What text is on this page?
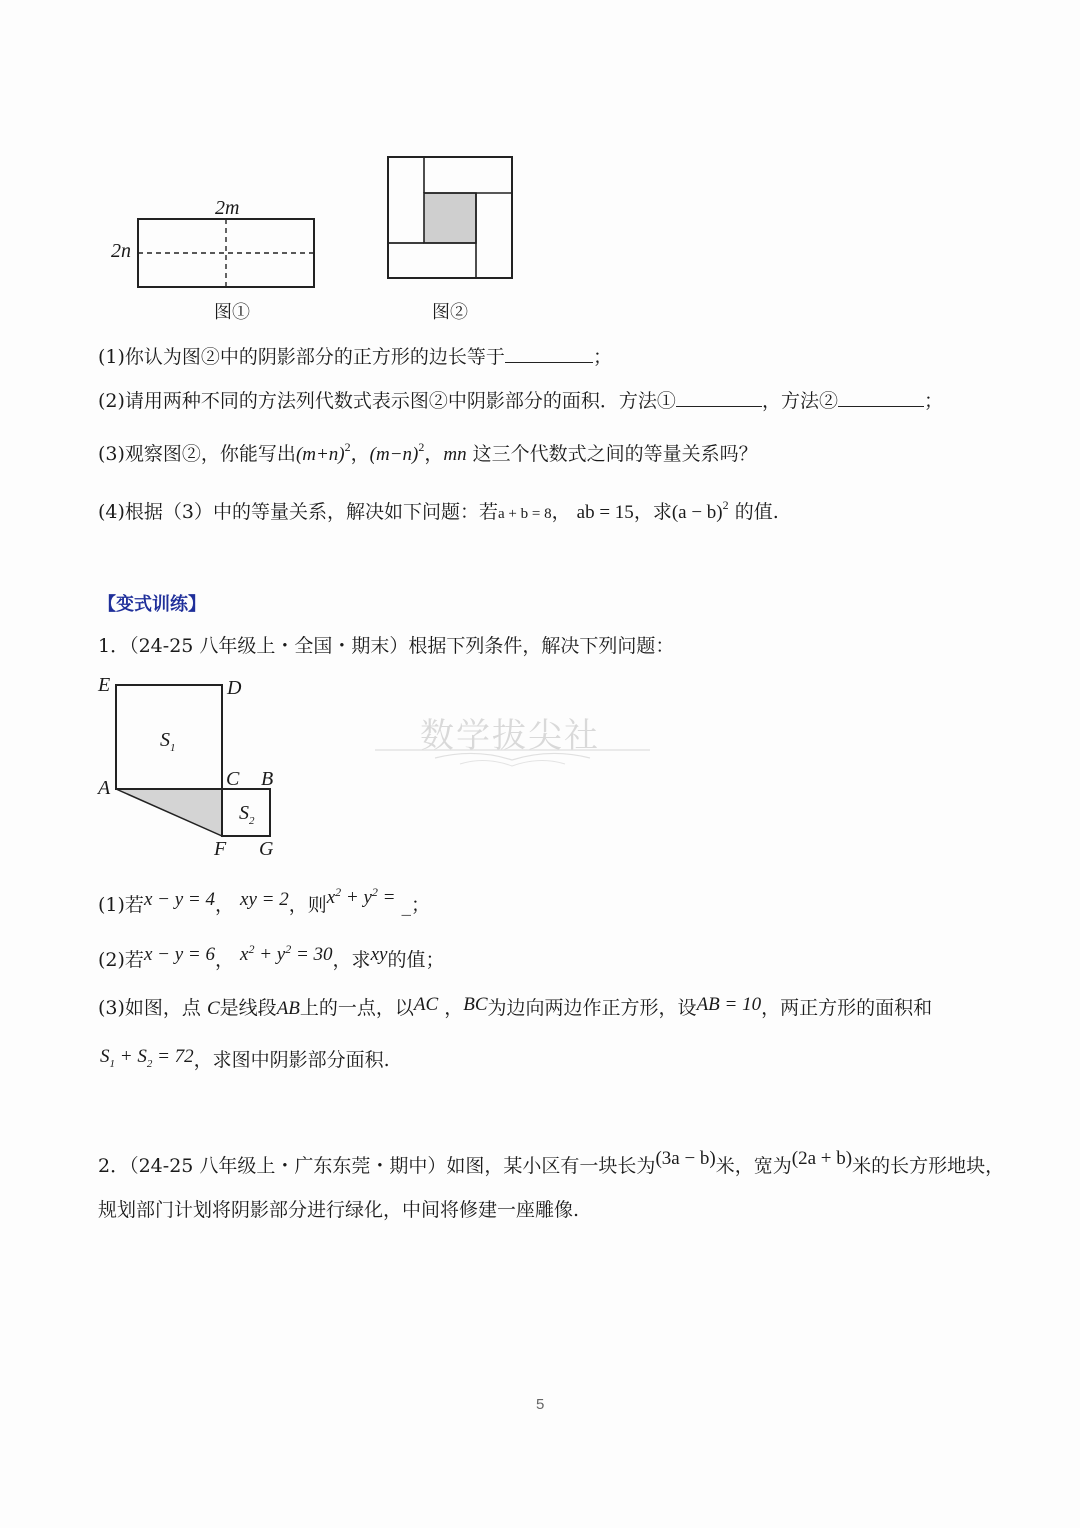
2m
2n
图①	图②
(1)你认为图②中的阴影部分的正方形的边长等于	；
(2)请用两种不同的方法列代数式表示图②中阴影部分的面积．方法①	，方法②	；
(3)观察图②，你能写出$(m+n)^2$，$(m-n)^2$，mn 这三个代数式之间的等量关系吗？
(4)根据（3）中的等量关系，解决如下问题：若a + b = 8， ab = 15，求$(a - b)^2$ 的值.
【变式训练】
1．（24-25 八年级上・全国・期末）根据下列条件，解决下列问题：
E	D
A	C B
F G
$S_1$
$S_2$
数学拔尖社
(1)若x − y = 4， xy = 2，则$x^2 + y^2$ = _；
(2)若x − y = 6， $x^2 + y^2 = 30$，求xy的值；
(3)如图，点 C是线段AB上的一点，以AC ，BC为边向两边作正方形，设AB = 10，两正方形的面积和
$S_1 + S_2 = 72$，求图中阴影部分面积.
2．（24-25 八年级上・广东东莞・期中）如图，某小区有一块长为(3a − b)米，宽为(2a + b)米的长方形地块，
规划部门计划将阴影部分进行绿化，中间将修建一座雕像.
5
